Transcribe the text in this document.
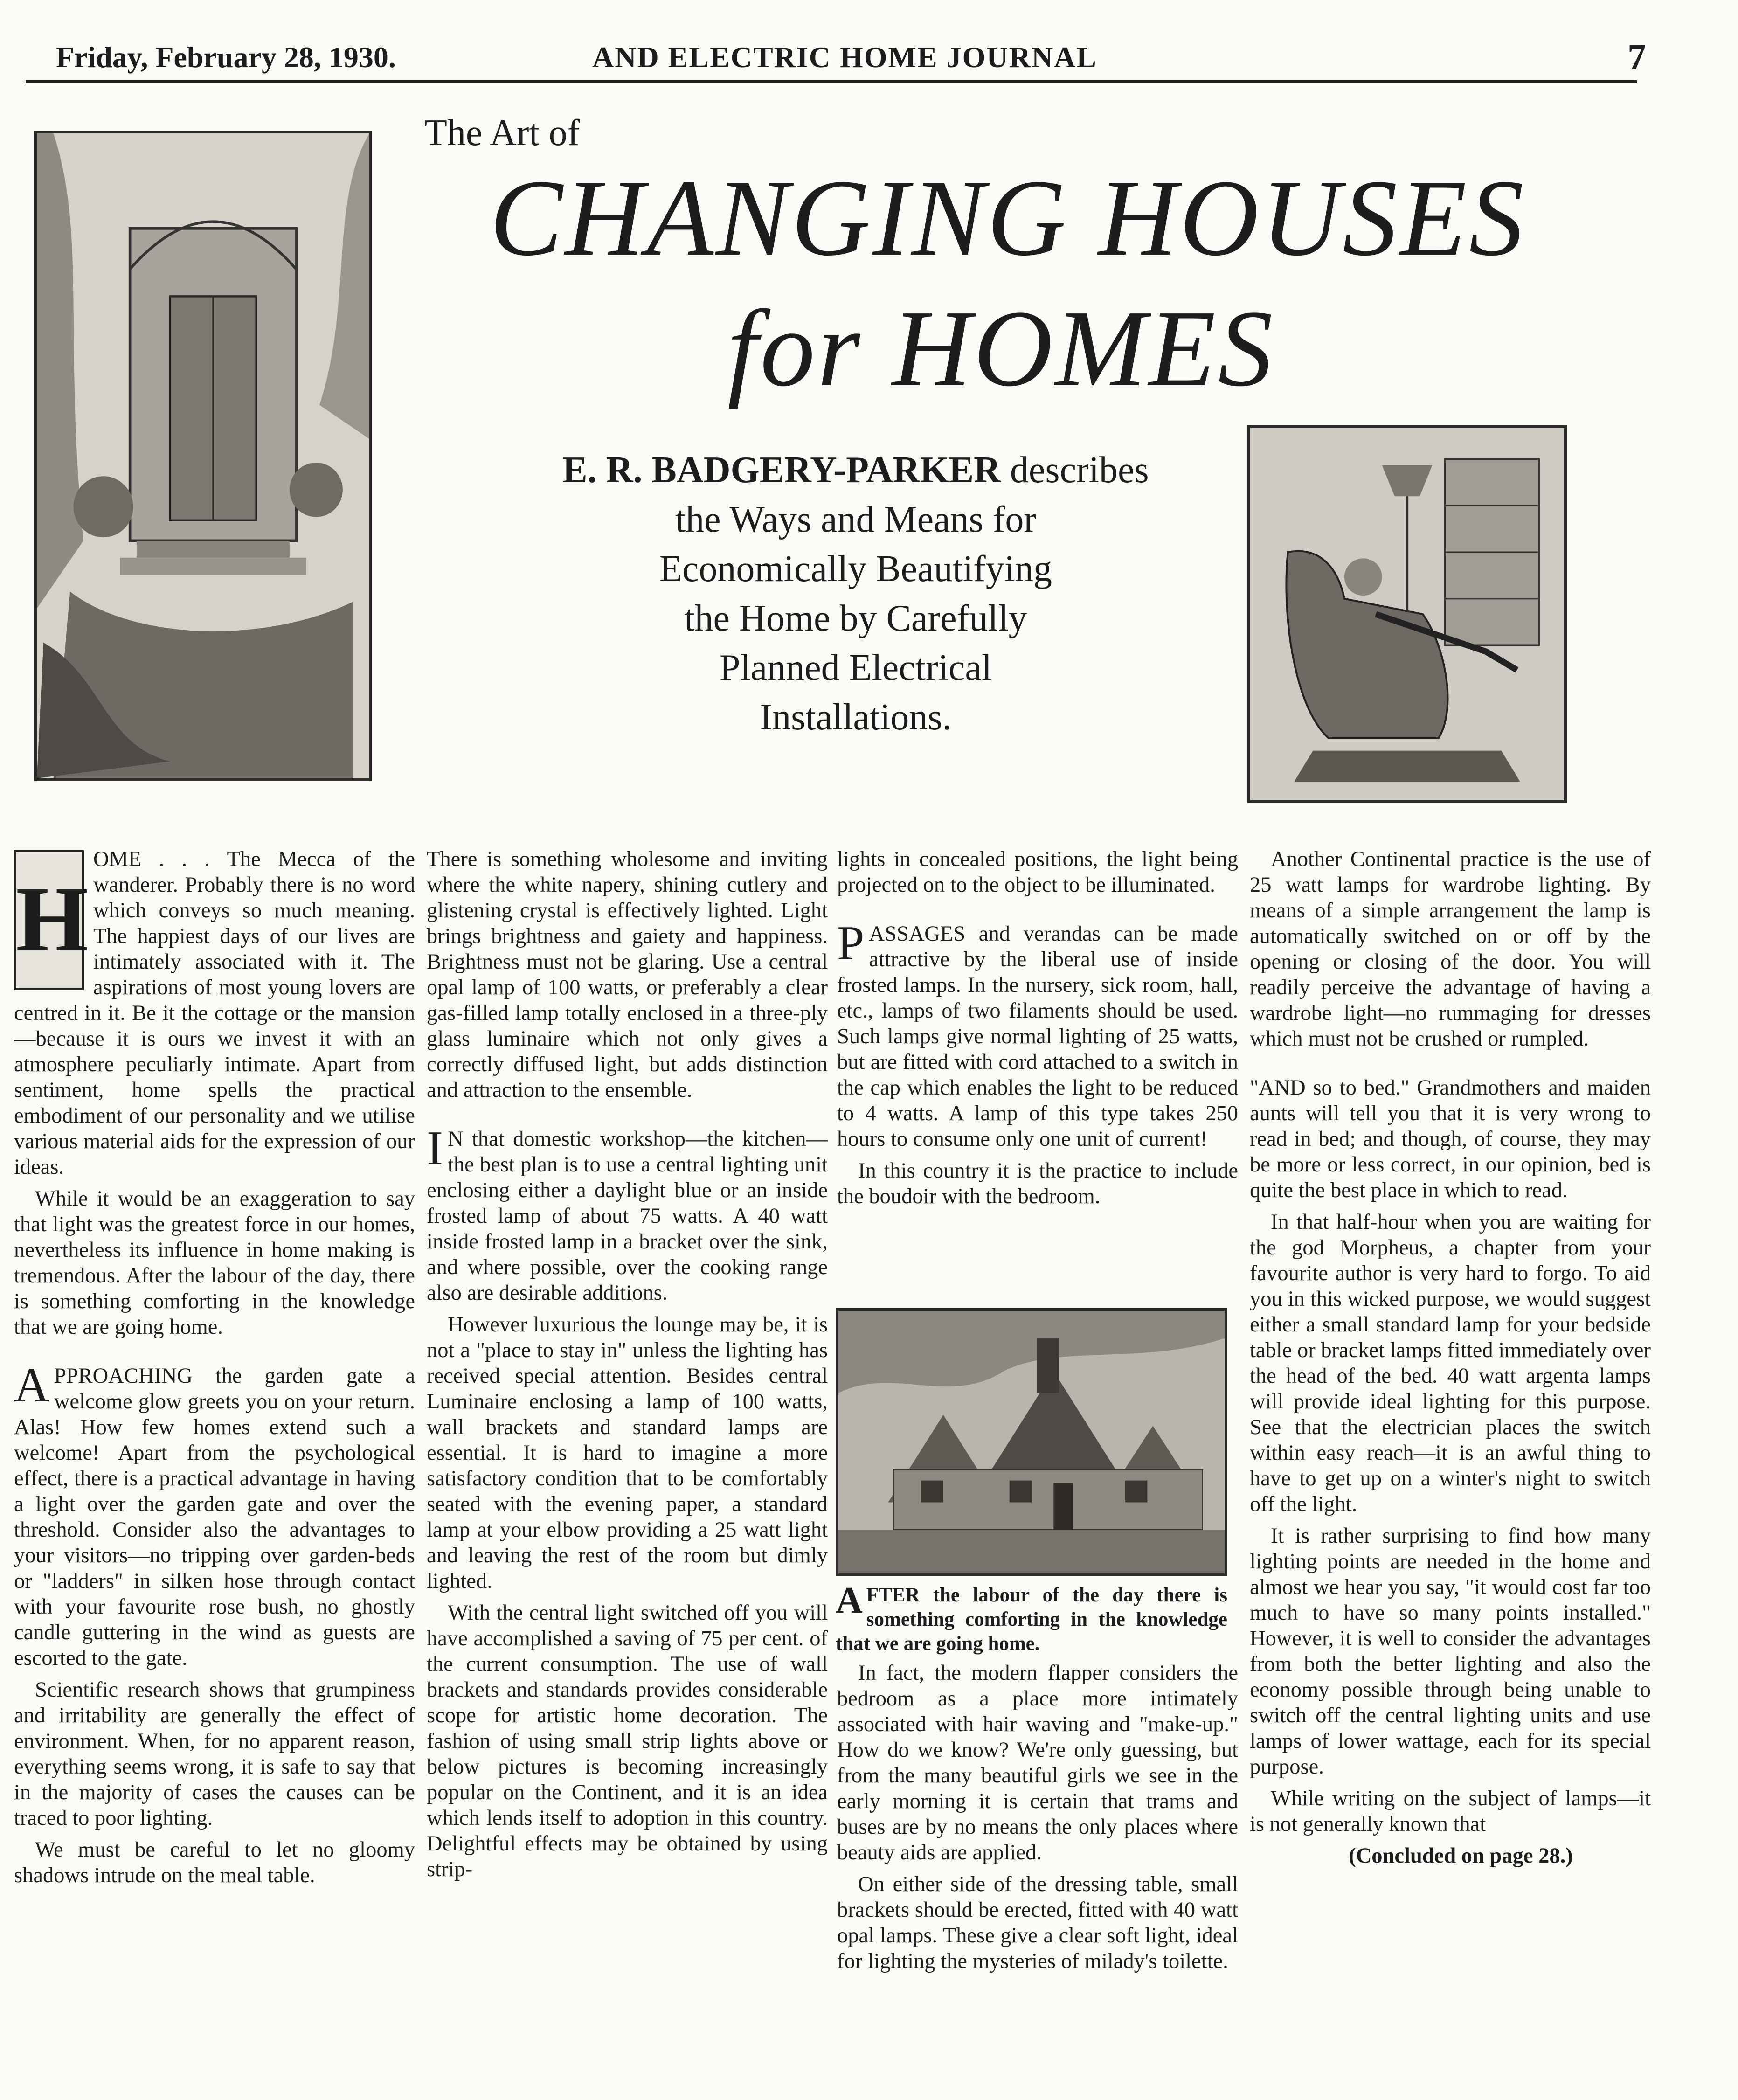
Friday, February 28, 1930.	AND ELECTRIC HOME JOURNAL	7
The Art of
CHANGING HOUSES
for HOMES
E. R. BADGERY-PARKER describes
the Ways and Means for
Economically Beautifying
the Home by Carefully
Planned Electrical
Installations.

H
OME . . . The Mecca of the wanderer. Probably there is no word which conveys so much meaning. The happiest days of our lives are intimately associated with it. The aspirations of most young lovers are centred in it. Be it the cottage or the mansion—because it is ours we invest it with an atmosphere peculiarly intimate. Apart from sentiment, home spells the practical embodiment of our personality and we utilise various material aids for the expression of our ideas.

While it would be an exaggeration to say that light was the greatest force in our homes, nevertheless its influence in home making is tremendous. After the labour of the day, there is something comforting in the knowledge that we are going home.

APPROACHING the garden gate a welcome glow greets you on your return. Alas! How few homes extend such a welcome! Apart from the psychological effect, there is a practical advantage in having a light over the garden gate and over the threshold. Consider also the advantages to your visitors—no tripping over garden-beds or "ladders" in silken hose through contact with your favourite rose bush, no ghostly candle guttering in the wind as guests are escorted to the gate.

Scientific research shows that grumpiness and irritability are generally the effect of environment. When, for no apparent reason, everything seems wrong, it is safe to say that in the majority of cases the causes can be traced to poor lighting.

We must be careful to let no gloomy shadows intrude on the meal table.

There is something wholesome and inviting where the white napery, shining cutlery and glistening crystal is effectively lighted. Light brings brightness and gaiety and happiness. Brightness must not be glaring. Use a central opal lamp of 100 watts, or preferably a clear gas-filled lamp totally enclosed in a three-ply glass luminaire which not only gives a correctly diffused light, but adds distinction and attraction to the ensemble.

I N that domestic workshop—the kitchen—the best plan is to use a central lighting unit enclosing either a daylight blue or an inside frosted lamp of about 75 watts. A 40 watt inside frosted lamp in a bracket over the sink, and where possible, over the cooking range also are desirable additions.

However luxurious the lounge may be, it is not a "place to stay in" unless the lighting has received special attention. Besides central Luminaire enclosing a lamp of 100 watts, wall brackets and standard lamps are essential. It is hard to imagine a more satisfactory condition that to be comfortably seated with the evening paper, a standard lamp at your elbow providing a 25 watt light and leaving the rest of the room but dimly lighted.

With the central light switched off you will have accomplished a saving of 75 per cent. of the current consumption. The use of wall brackets and standards provides considerable scope for artistic home decoration. The fashion of using small strip lights above or below pictures is becoming increasingly popular on the Continent, and it is an idea which lends itself to adoption in this country. Delightful effects may be obtained by using strip-

lights in concealed positions, the light being projected on to the object to be illuminated.

PASSAGES and verandas can be made attractive by the liberal use of inside frosted lamps. In the nursery, sick room, hall, etc., lamps of two filaments should be used. Such lamps give normal lighting of 25 watts, but are fitted with cord attached to a switch in the cap which enables the light to be reduced to 4 watts. A lamp of this type takes 250 hours to consume only one unit of current!

In this country it is the practice to include the boudoir with the bedroom.

AFTER the labour of the day there is something comforting in the knowledge that we are going home.

In fact, the modern flapper considers the bedroom as a place more intimately associated with hair waving and "make-up." How do we know? We're only guessing, but from the many beautiful girls we see in the early morning it is certain that trams and buses are by no means the only places where beauty aids are applied.

On either side of the dressing table, small brackets should be erected, fitted with 40 watt opal lamps. These give a clear soft light, ideal for lighting the mysteries of milady's toilette.

Another Continental practice is the use of 25 watt lamps for wardrobe lighting. By means of a simple arrangement the lamp is automatically switched on or off by the opening or closing of the door. You will readily perceive the advantage of having a wardrobe light—no rummaging for dresses which must not be crushed or rumpled.

"AND so to bed." Grandmothers and maiden aunts will tell you that it is very wrong to read in bed; and though, of course, they may be more or less correct, in our opinion, bed is quite the best place in which to read.

In that half-hour when you are waiting for the god Morpheus, a chapter from your favourite author is very hard to forgo. To aid you in this wicked purpose, we would suggest either a small standard lamp for your bedside table or bracket lamps fitted immediately over the head of the bed. 40 watt argenta lamps will provide ideal lighting for this purpose. See that the electrician places the switch within easy reach—it is an awful thing to have to get up on a winter's night to switch off the light.

It is rather surprising to find how many lighting points are needed in the home and almost we hear you say, "it would cost far too much to have so many points installed." However, it is well to consider the advantages from both the better lighting and also the economy possible through being unable to switch off the central lighting units and use lamps of lower wattage, each for its special purpose.

While writing on the subject of lamps—it is not generally known that

(Concluded on page 28.)
